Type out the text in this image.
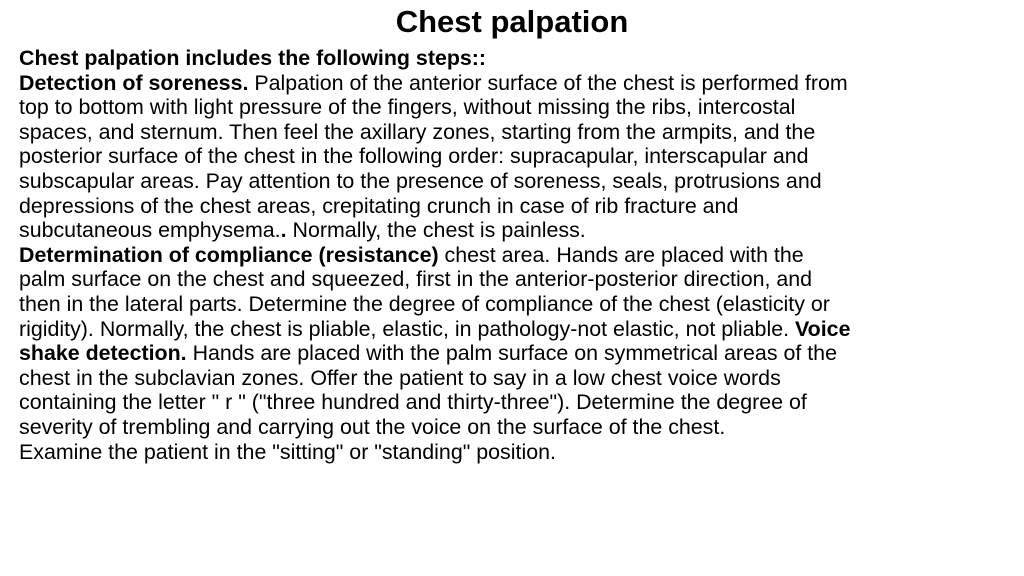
Chest palpation
Chest palpation includes the following steps::
Detection of soreness. Palpation of the anterior surface of the chest is performed from
top to bottom with light pressure of the fingers, without missing the ribs, intercostal
spaces, and sternum. Then feel the axillary zones, starting from the armpits, and the
posterior surface of the chest in the following order: supracapular, interscapular and
subscapular areas. Pay attention to the presence of soreness, seals, protrusions and
depressions of the chest areas, crepitating crunch in case of rib fracture and
subcutaneous emphysema.. Normally, the chest is painless.
Determination of compliance (resistance) chest area. Hands are placed with the
palm surface on the chest and squeezed, first in the anterior-posterior direction, and
then in the lateral parts. Determine the degree of compliance of the chest (elasticity or
rigidity). Normally, the chest is pliable, elastic, in pathology-not elastic, not pliable. Voice
shake detection. Hands are placed with the palm surface on symmetrical areas of the
chest in the subclavian zones. Offer the patient to say in a low chest voice words
containing the letter " r " ("three hundred and thirty-three"). Determine the degree of
severity of trembling and carrying out the voice on the surface of the chest.
Examine the patient in the "sitting" or "standing" position.
